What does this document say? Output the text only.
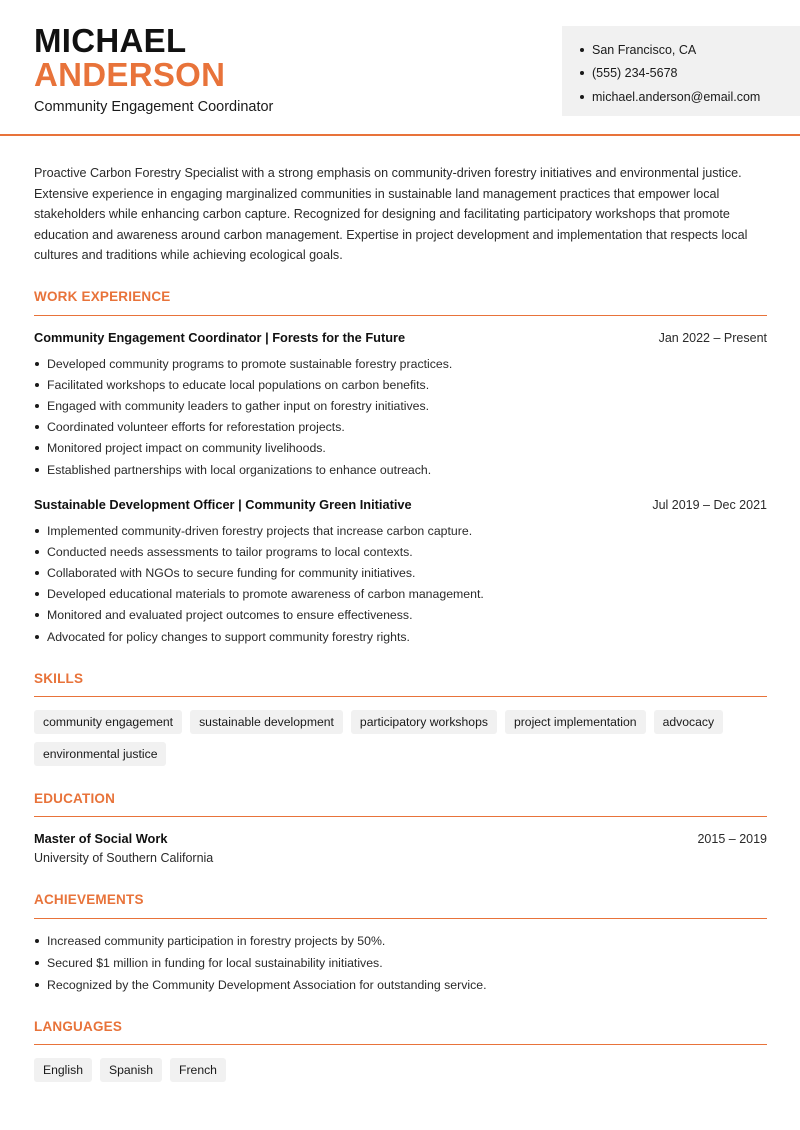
MICHAEL
ANDERSON
Community Engagement Coordinator
San Francisco, CA
(555) 234-5678
michael.anderson@email.com

Proactive Carbon Forestry Specialist with a strong emphasis on community-driven forestry initiatives and environmental justice. Extensive experience in engaging marginalized communities in sustainable land management practices that empower local stakeholders while enhancing carbon capture. Recognized for designing and facilitating participatory workshops that promote education and awareness around carbon management. Expertise in project development and implementation that respects local cultures and traditions while achieving ecological goals.

WORK EXPERIENCE
Community Engagement Coordinator | Forests for the Future	Jan 2022 – Present
Developed community programs to promote sustainable forestry practices.
Facilitated workshops to educate local populations on carbon benefits.
Engaged with community leaders to gather input on forestry initiatives.
Coordinated volunteer efforts for reforestation projects.
Monitored project impact on community livelihoods.
Established partnerships with local organizations to enhance outreach.
Sustainable Development Officer | Community Green Initiative	Jul 2019 – Dec 2021
Implemented community-driven forestry projects that increase carbon capture.
Conducted needs assessments to tailor programs to local contexts.
Collaborated with NGOs to secure funding for community initiatives.
Developed educational materials to promote awareness of carbon management.
Monitored and evaluated project outcomes to ensure effectiveness.
Advocated for policy changes to support community forestry rights.
SKILLS
community engagement	sustainable development	participatory workshops	project implementation	advocacy
environmental justice
EDUCATION
Master of Social Work	2015 – 2019
University of Southern California
ACHIEVEMENTS
Increased community participation in forestry projects by 50%.
Secured $1 million in funding for local sustainability initiatives.
Recognized by the Community Development Association for outstanding service.
LANGUAGES
English	Spanish	French
